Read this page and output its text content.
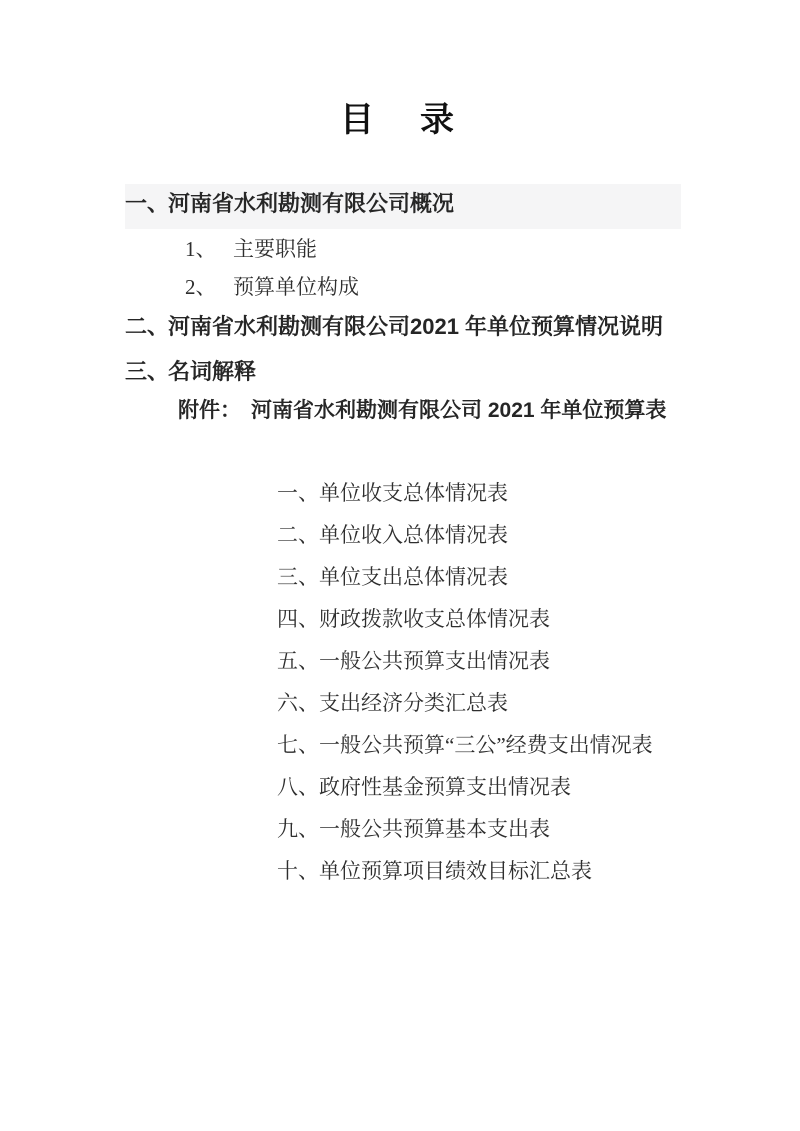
目　录
一、河南省水利勘测有限公司概况
1、 主要职能
2、 预算单位构成
二、河南省水利勘测有限公司2021 年单位预算情况说明
三、名词解释
附件： 河南省水利勘测有限公司 2021 年单位预算表
一、单位收支总体情况表
二、单位收入总体情况表
三、单位支出总体情况表
四、财政拨款收支总体情况表
五、一般公共预算支出情况表
六、支出经济分类汇总表
七、一般公共预算“三公”经费支出情况表
八、政府性基金预算支出情况表
九、一般公共预算基本支出表
十、单位预算项目绩效目标汇总表
